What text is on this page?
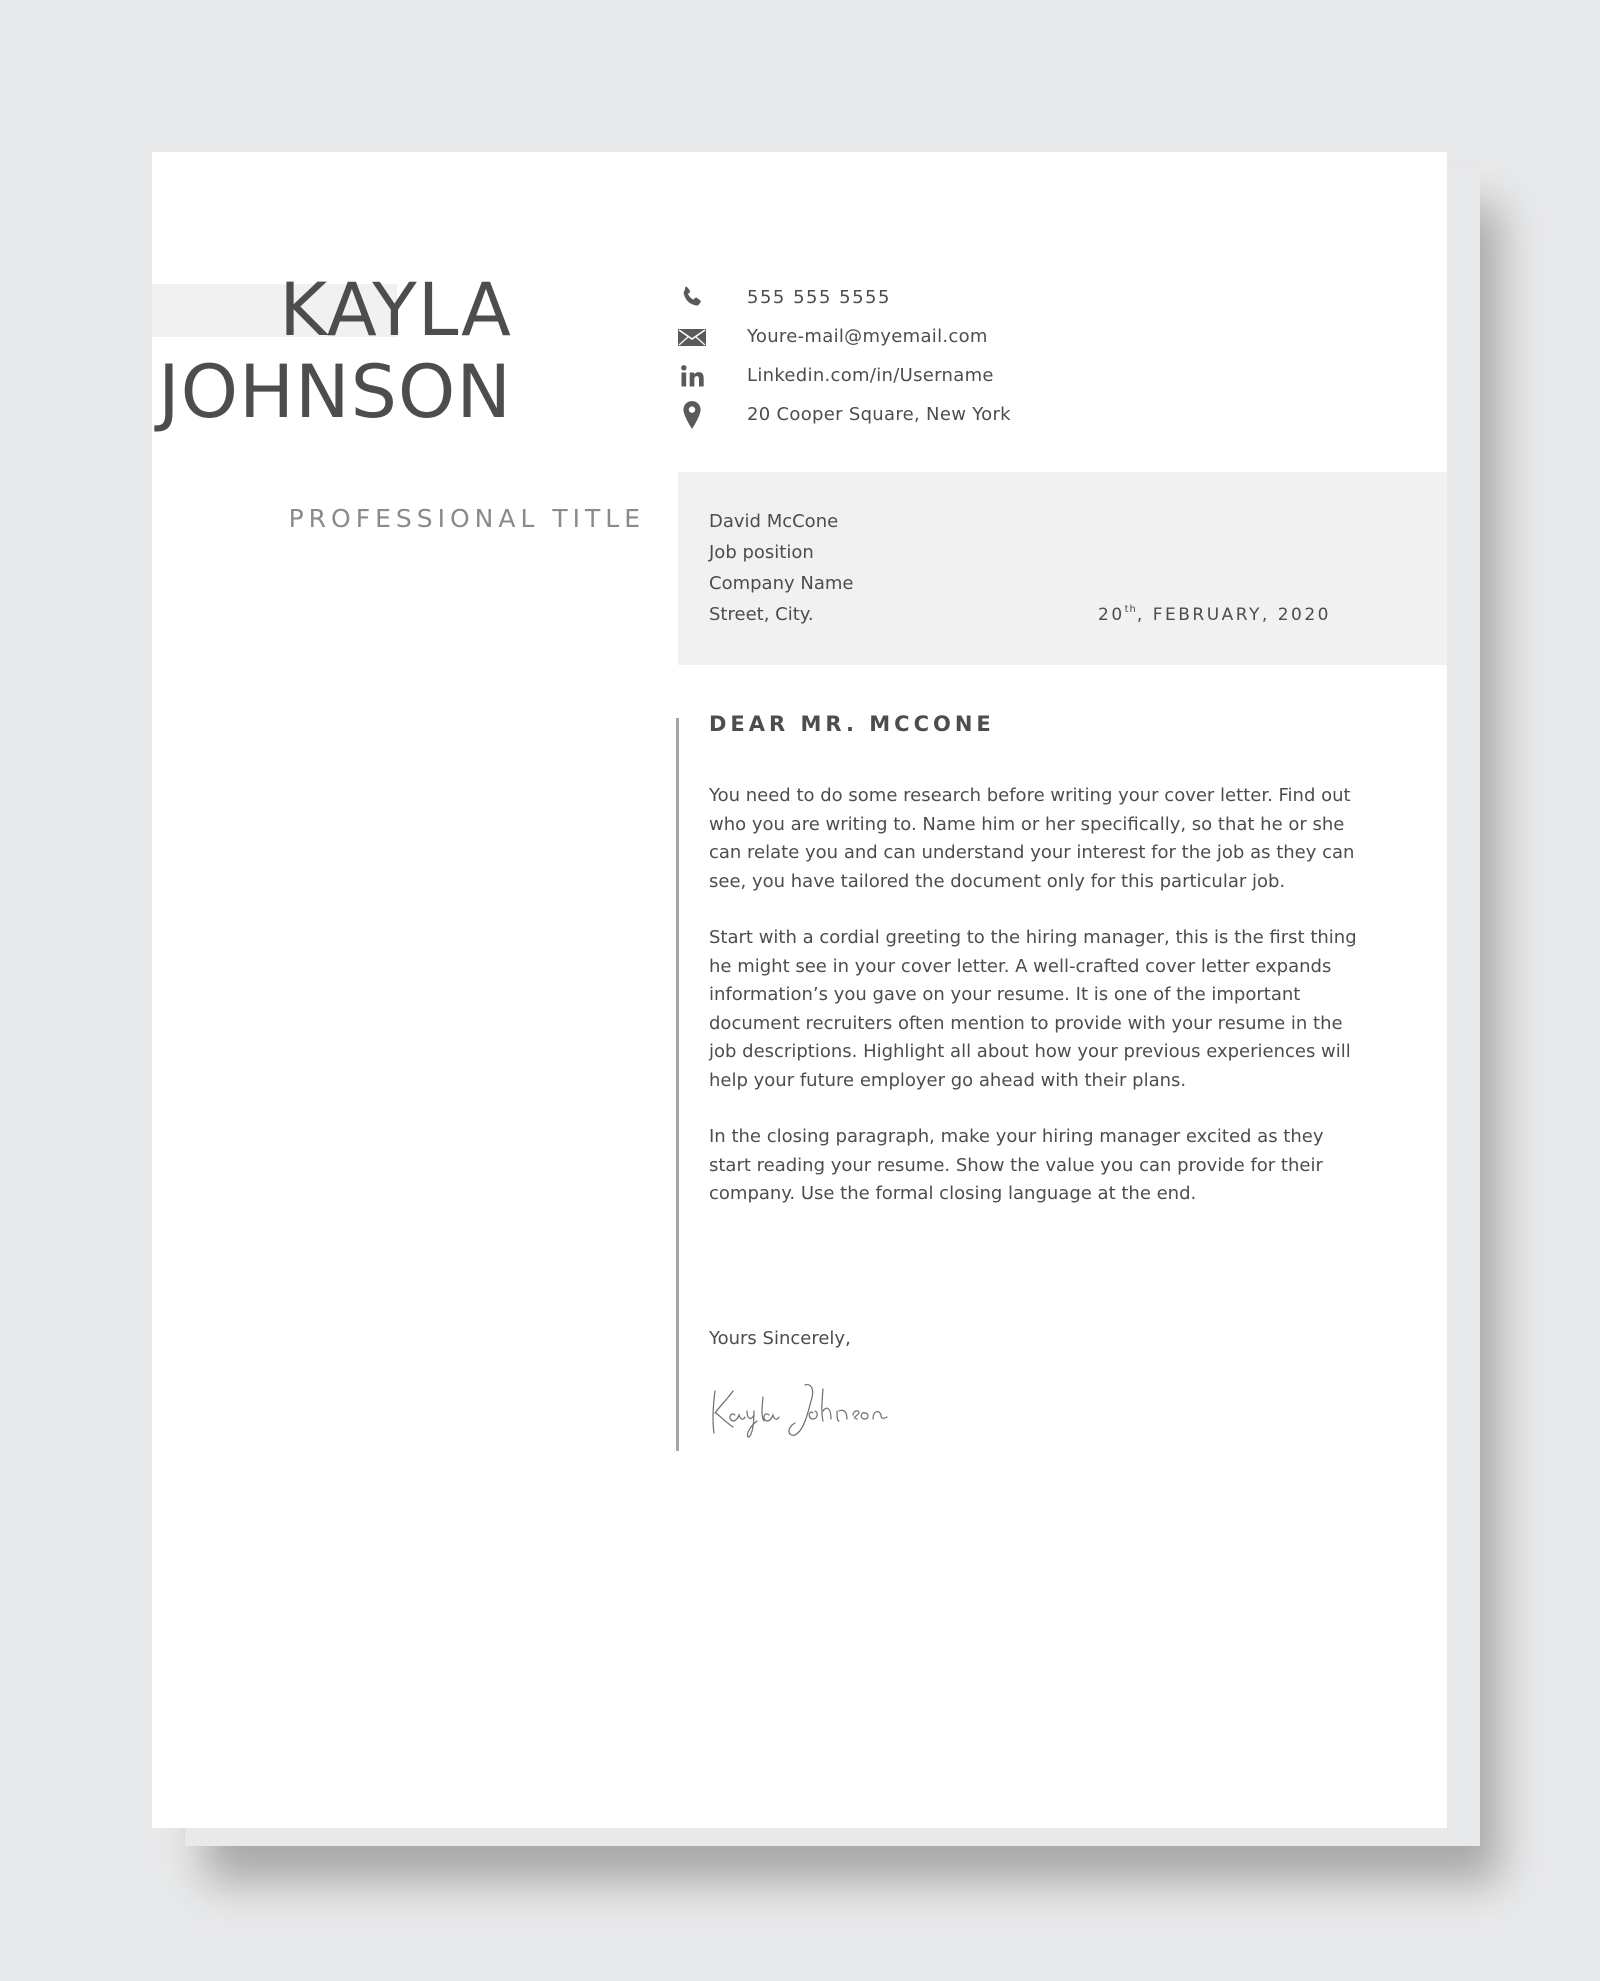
KAYLA
JOHNSON
PROFESSIONAL TITLE
555 555 5555
Youre-mail@myemail.com
Linkedin.com/in/Username
20 Cooper Square, New York
David McCone
Job position
Company Name
Street, City.	20th, FEBRUARY, 2020
DEAR MR. MCCONE

You need to do some research before writing your cover letter. Find out who you are writing to. Name him or her specifically, so that he or she can relate you and can understand your interest for the job as they can see, you have tailored the document only for this particular job.

Start with a cordial greeting to the hiring manager, this is the first thing he might see in your cover letter. A well-crafted cover letter expands information’s you gave on your resume. It is one of the important document recruiters often mention to provide with your resume in the job descriptions. Highlight all about how your previous experiences will help your future employer go ahead with their plans.

In the closing paragraph, make your hiring manager excited as they start reading your resume. Show the value you can provide for their company. Use the formal closing language at the end.

Yours Sincerely,
